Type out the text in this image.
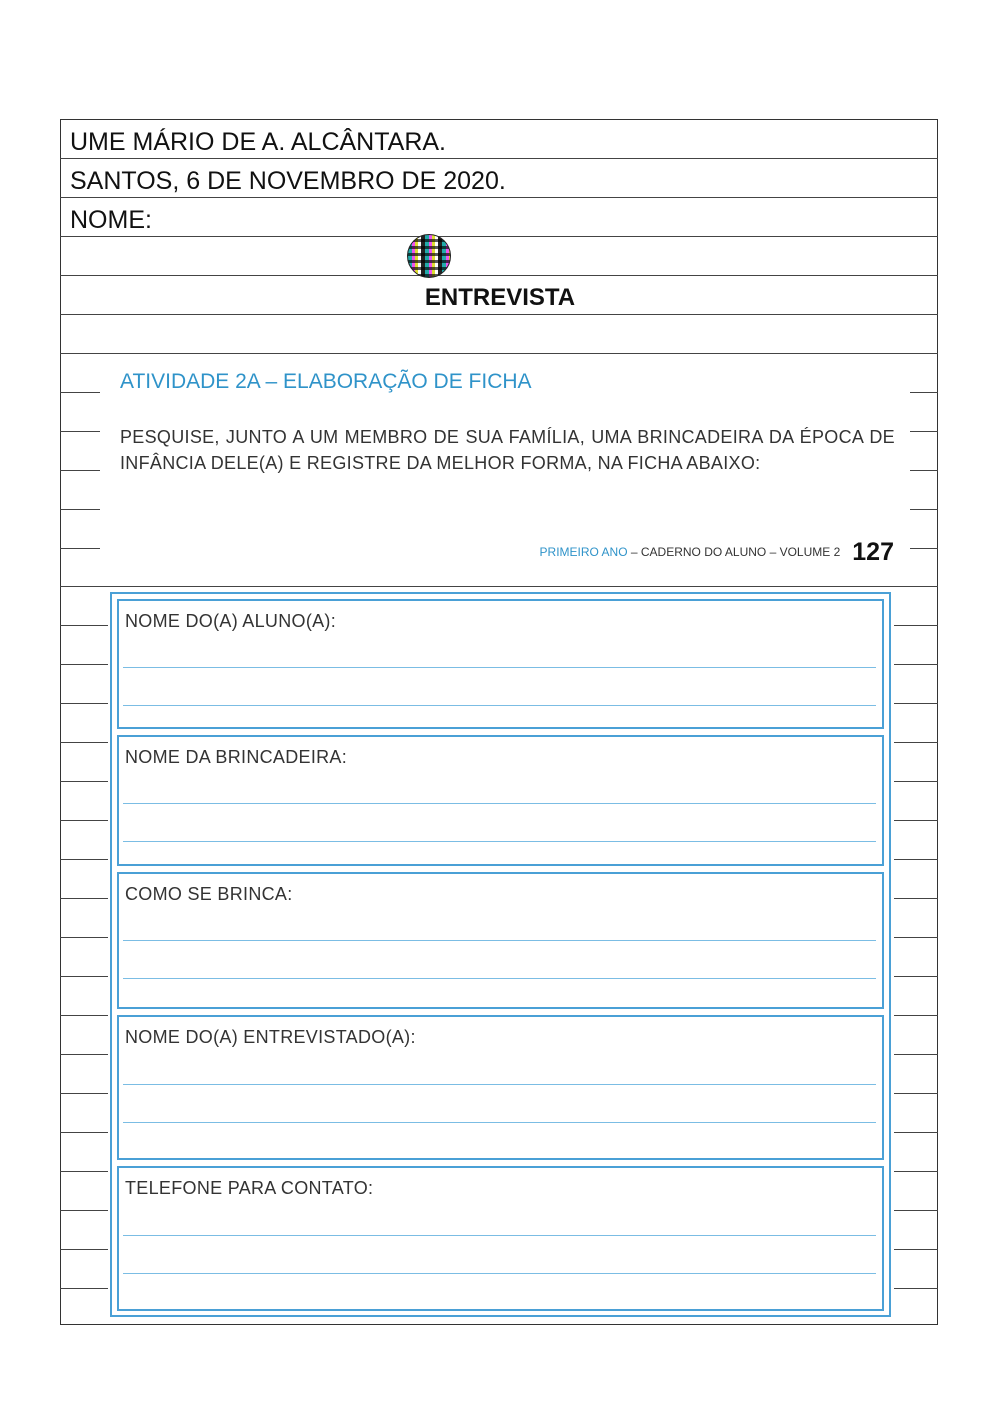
UME MÁRIO DE A. ALCÂNTARA.
SANTOS, 6 DE NOVEMBRO DE 2020.
NOME:
ENTREVISTA
ATIVIDADE 2A – ELABORAÇÃO DE FICHA
PESQUISE, JUNTO A UM MEMBRO DE SUA FAMÍLIA, UMA BRINCADEIRA DA ÉPOCA DE INFÂNCIA DELE(A) E REGISTRE DA MELHOR FORMA, NA FICHA ABAIXO:
PRIMEIRO ANO – CADERNO DO ALUNO – VOLUME 2 127
NOME DO(A) ALUNO(A):
NOME DA BRINCADEIRA:
COMO SE BRINCA:
NOME DO(A) ENTREVISTADO(A):
TELEFONE PARA CONTATO:
